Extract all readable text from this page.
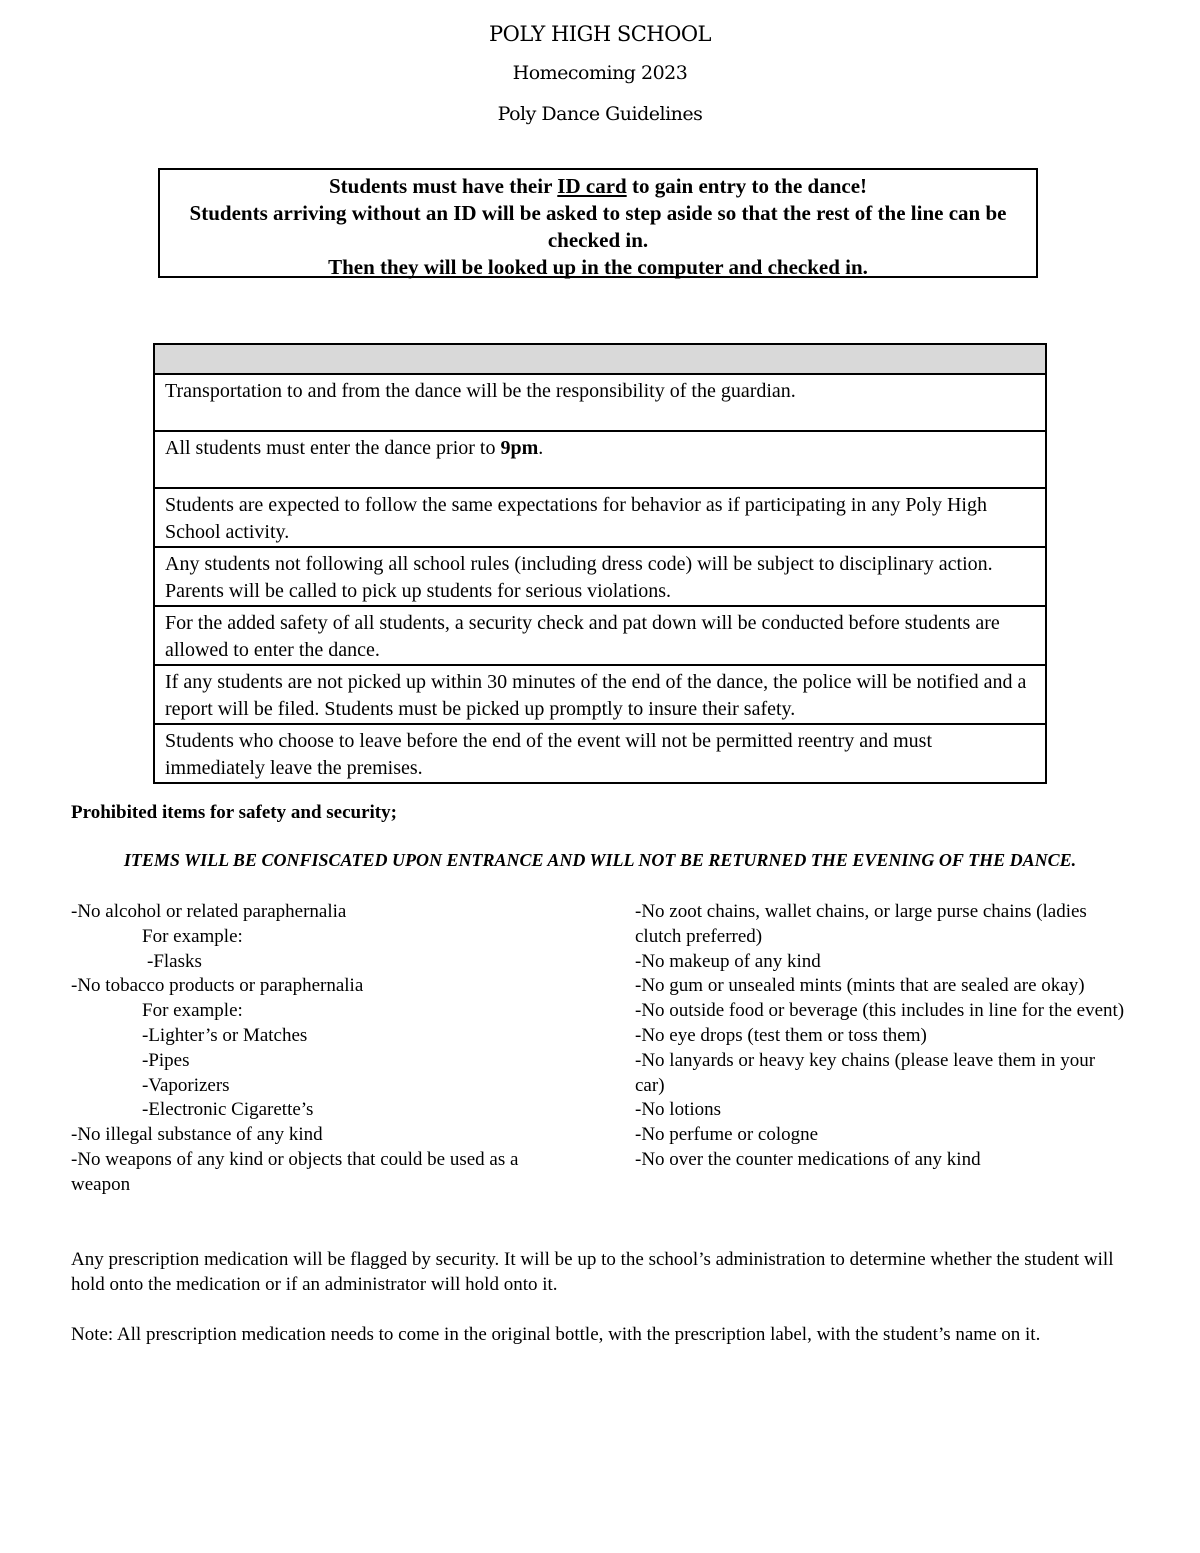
POLY HIGH SCHOOL
Homecoming 2023
Poly Dance Guidelines
Students must have their ID card to gain entry to the dance!
Students arriving without an ID will be asked to step aside so that the rest of the line can be checked in.
Then they will be looked up in the computer and checked in.

Transportation to and from the dance will be the responsibility of the guardian.
All students must enter the dance prior to 9pm.
Students are expected to follow the same expectations for behavior as if participating in any Poly High School activity.
Any students not following all school rules (including dress code) will be subject to disciplinary action. Parents will be called to pick up students for serious violations.
For the added safety of all students, a security check and pat down will be conducted before students are allowed to enter the dance.
If any students are not picked up within 30 minutes of the end of the dance, the police will be notified and a report will be filed. Students must be picked up promptly to insure their safety.
Students who choose to leave before the end of the event will not be permitted reentry and must immediately leave the premises.
Prohibited items for safety and security;
ITEMS WILL BE CONFISCATED UPON ENTRANCE AND WILL NOT BE RETURNED THE EVENING OF THE DANCE.
-No alcohol or related paraphernalia
For example:
-Flasks
-No tobacco products or paraphernalia
For example:
-Lighter’s or Matches
-Pipes
-Vaporizers
-Electronic Cigarette’s
-No illegal substance of any kind
-No weapons of any kind or objects that could be used as a weapon
-No zoot chains, wallet chains, or large purse chains (ladies clutch preferred)
-No makeup of any kind
-No gum or unsealed mints (mints that are sealed are okay)
-No outside food or beverage (this includes in line for the event)
-No eye drops (test them or toss them)
-No lanyards or heavy key chains (please leave them in your car)
-No lotions
-No perfume or cologne
-No over the counter medications of any kind
Any prescription medication will be flagged by security. It will be up to the school’s administration to determine whether the student will hold onto the medication or if an administrator will hold onto it.
Note: All prescription medication needs to come in the original bottle, with the prescription label, with the student’s name on it.
